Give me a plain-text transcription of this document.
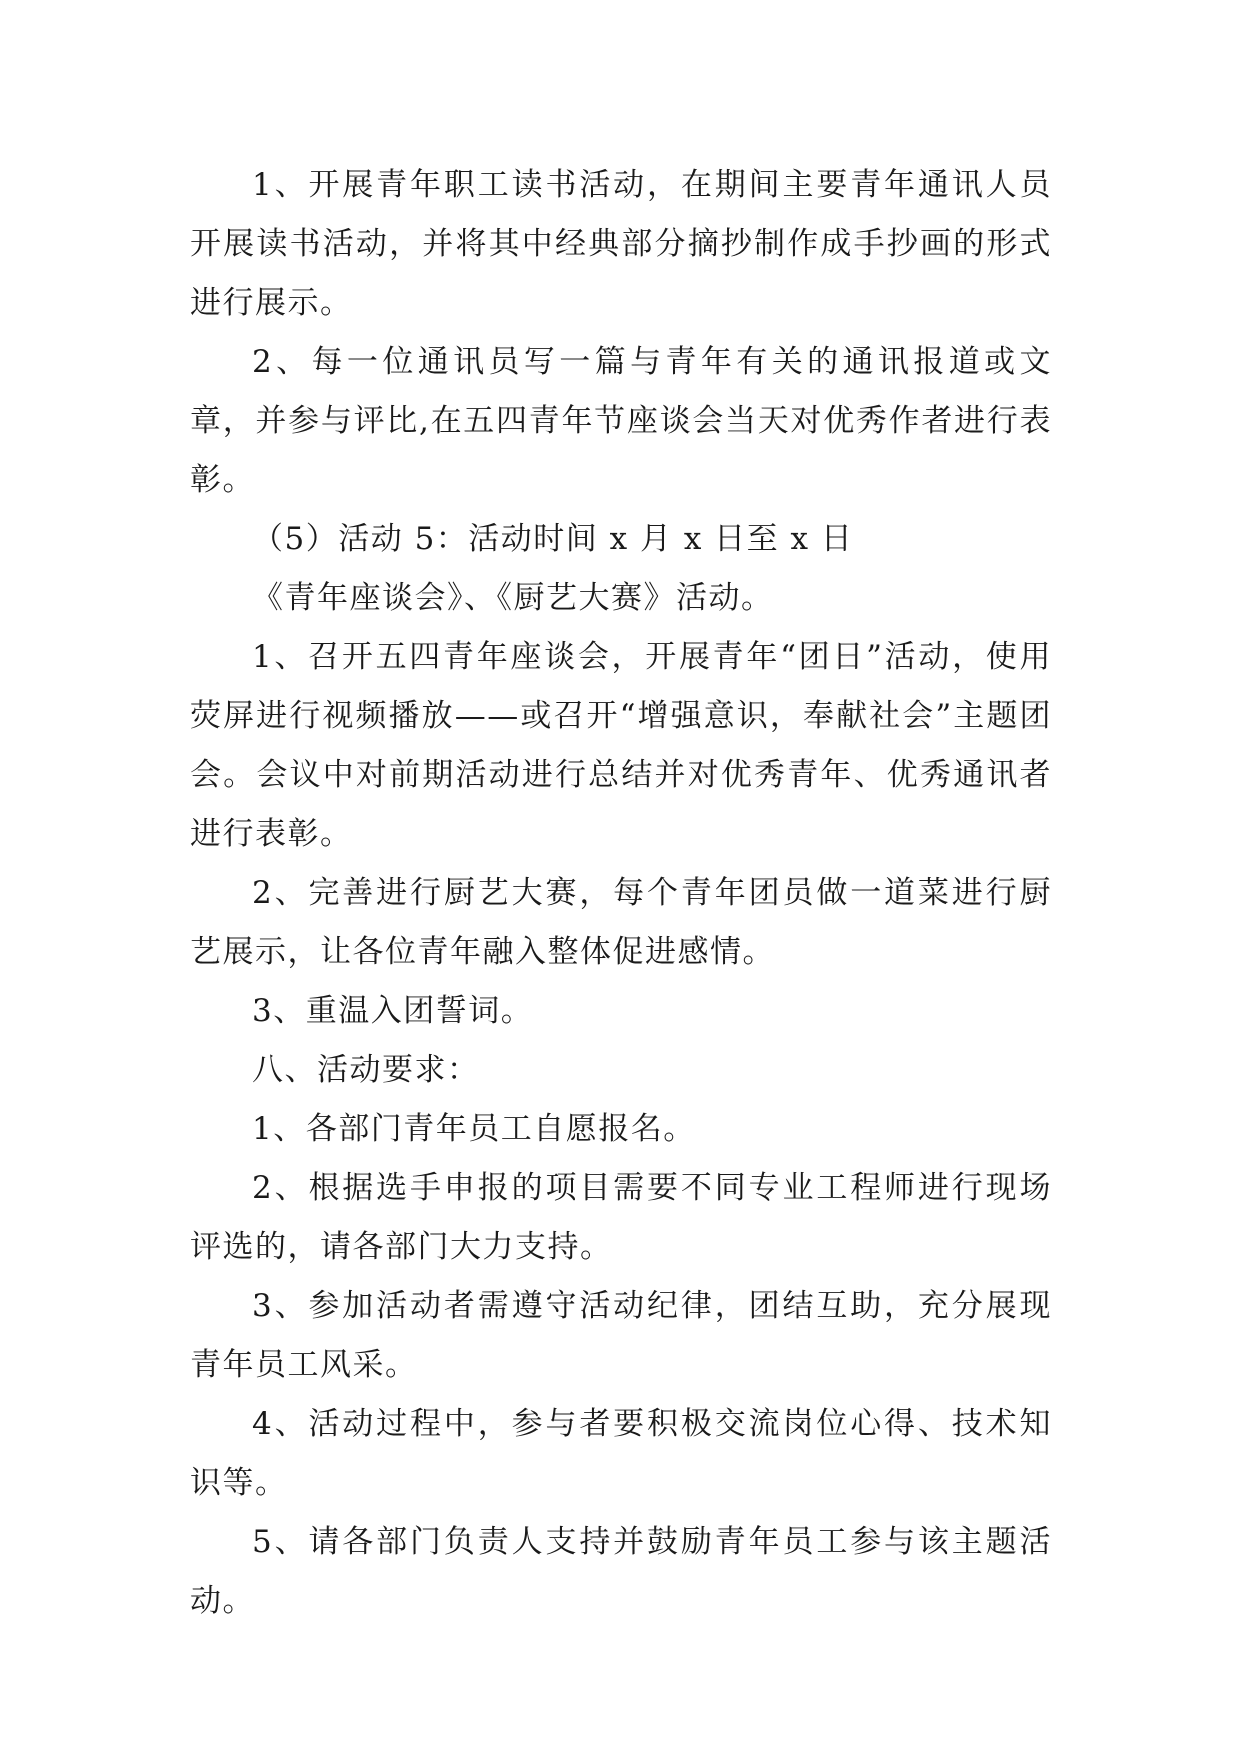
1、开展青年职工读书活动，在期间主要青年通讯人员开展读书活动，并将其中经典部分摘抄制作成手抄画的形式进行展示。

2、每一位通讯员写一篇与青年有关的通讯报道或文章，并参与评比,在五四青年节座谈会当天对优秀作者进行表彰。

（5）活动 5：活动时间 x 月 x 日至 x 日

《青年座谈会》、《厨艺大赛》活动。

1、召开五四青年座谈会，开展青年“团日”活动，使用荧屏进行视频播放——或召开“增强意识，奉献社会”主题团会。会议中对前期活动进行总结并对优秀青年、优秀通讯者进行表彰。

2、完善进行厨艺大赛，每个青年团员做一道菜进行厨艺展示，让各位青年融入整体促进感情。

3、重温入团誓词。

八、活动要求：

1、各部门青年员工自愿报名。

2、根据选手申报的项目需要不同专业工程师进行现场评选的，请各部门大力支持。

3、参加活动者需遵守活动纪律，团结互助，充分展现青年员工风采。

4、活动过程中，参与者要积极交流岗位心得、技术知识等。

5、请各部门负责人支持并鼓励青年员工参与该主题活动。
